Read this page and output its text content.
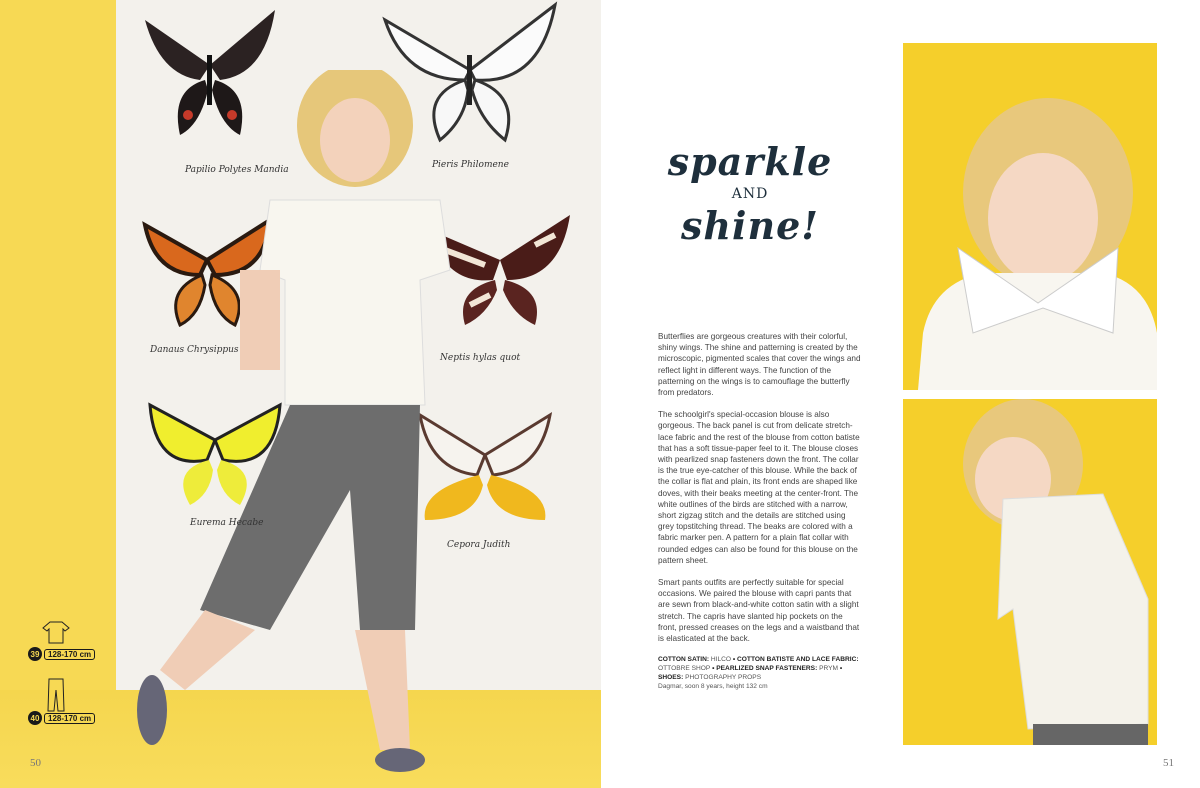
Papilio Polytes Mandia	Pieris Philomene
Danaus Chrysippus
Neptis hylas quot
Eurema Hecabe
Cepora Judith
39	128-170 cm
40	128-170 cm
50
sparkle
AND
shine!

Butterflies are gorgeous creatures with their colorful, shiny wings. The shine and patterning is created by the microscopic, pigmented scales that cover the wings and reflect light in different ways. The function of the patterning on the wings is to camouflage the butterfly from predators.

The schoolgirl's special-occasion blouse is also gorgeous. The back panel is cut from delicate stretch-lace fabric and the rest of the blouse from cotton batiste that has a soft tissue-paper feel to it. The blouse closes with pearlized snap fasteners down the front. The collar is the true eye-catcher of this blouse. While the back of the collar is flat and plain, its front ends are shaped like doves, with their beaks meeting at the center-front. The white outlines of the birds are stitched with a narrow, short zigzag stitch and the details are stitched using grey topstitching thread. The beaks are colored with a fabric marker pen. A pattern for a plain flat collar with rounded edges can also be found for this blouse on the pattern sheet.

Smart pants outfits are perfectly suitable for special occasions. We paired the blouse with capri pants that are sewn from black-and-white cotton satin with a slight stretch. The capris have slanted hip pockets on the front, pressed creases on the legs and a waistband that is elasticated at the back.

COTTON SATIN: HILCO • COTTON BATISTE AND LACE FABRIC: OTTOBRE SHOP • PEARLIZED SNAP FASTENERS: PRYM • SHOES: PHOTOGRAPHY PROPS
Dagmar, soon 8 years, height 132 cm
51
